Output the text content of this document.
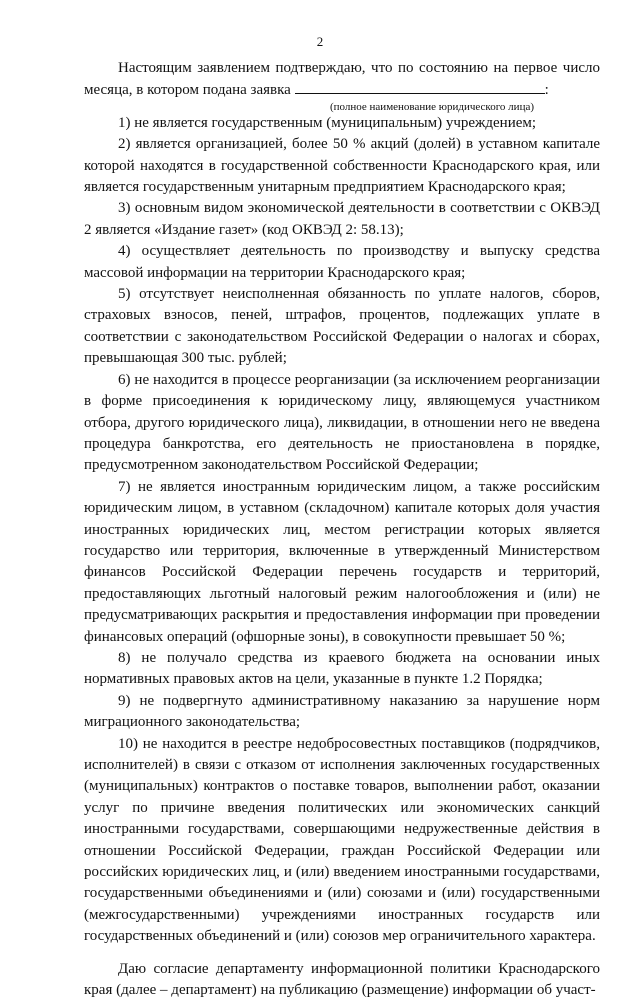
2

Настоящим заявлением подтверждаю, что по состоянию на первое число месяца, в котором подана заявка	:

(полное наименование юридического лица)

1) не является государственным (муниципальным) учреждением;

2) является организацией, более 50 % акций (долей) в уставном капитале которой находятся в государственной собственности Краснодарского края, или является государственным унитарным предприятием Краснодарского края;

3) основным видом экономической деятельности в соответствии с ОКВЭД 2 является «Издание газет» (код ОКВЭД 2: 58.13);

4) осуществляет деятельность по производству и выпуску средства массовой информации на территории Краснодарского края;

5) отсутствует неисполненная обязанность по уплате налогов, сборов, страховых взносов, пеней, штрафов, процентов, подлежащих уплате в соответствии с законодательством Российской Федерации о налогах и сборах, превышающая 300 тыс. рублей;

6) не находится в процессе реорганизации (за исключением реорганизации в форме присоединения к юридическому лицу, являющемуся участником отбора, другого юридического лица), ликвидации, в отношении него не введена процедура банкротства, его деятельность не приостановлена в порядке, предусмотренном законодательством Российской Федерации;

7) не является иностранным юридическим лицом, а также российским юридическим лицом, в уставном (складочном) капитале которых доля участия иностранных юридических лиц, местом регистрации которых является государство или территория, включенные в утвержденный Министерством финансов Российской Федерации перечень государств и территорий, предоставляющих льготный налоговый режим налогообложения и (или) не предусматривающих раскрытия и предоставления информации при проведении финансовых операций (офшорные зоны), в совокупности превышает 50 %;

8) не получало средства из краевого бюджета на основании иных нормативных правовых актов на цели, указанные в пункте 1.2 Порядка;

9) не подвергнуто административному наказанию за нарушение норм миграционного законодательства;

10) не находится в реестре недобросовестных поставщиков (подрядчиков, исполнителей) в связи с отказом от исполнения заключенных государственных (муниципальных) контрактов о поставке товаров, выполнении работ, оказании услуг по причине введения политических или экономических санкций иностранными государствами, совершающими недружественные действия в отношении Российской Федерации, граждан Российской Федерации или российских юридических лиц, и (или) введением иностранными государствами, государственными объединениями и (или) союзами и (или) государственными (межгосударственными) учреждениями иностранных государств или государственных объединений и (или) союзов мер ограничительного характера.

Даю согласие департаменту информационной политики Краснодарского края (далее – департамент) на публикацию (размещение) информации об участ-
